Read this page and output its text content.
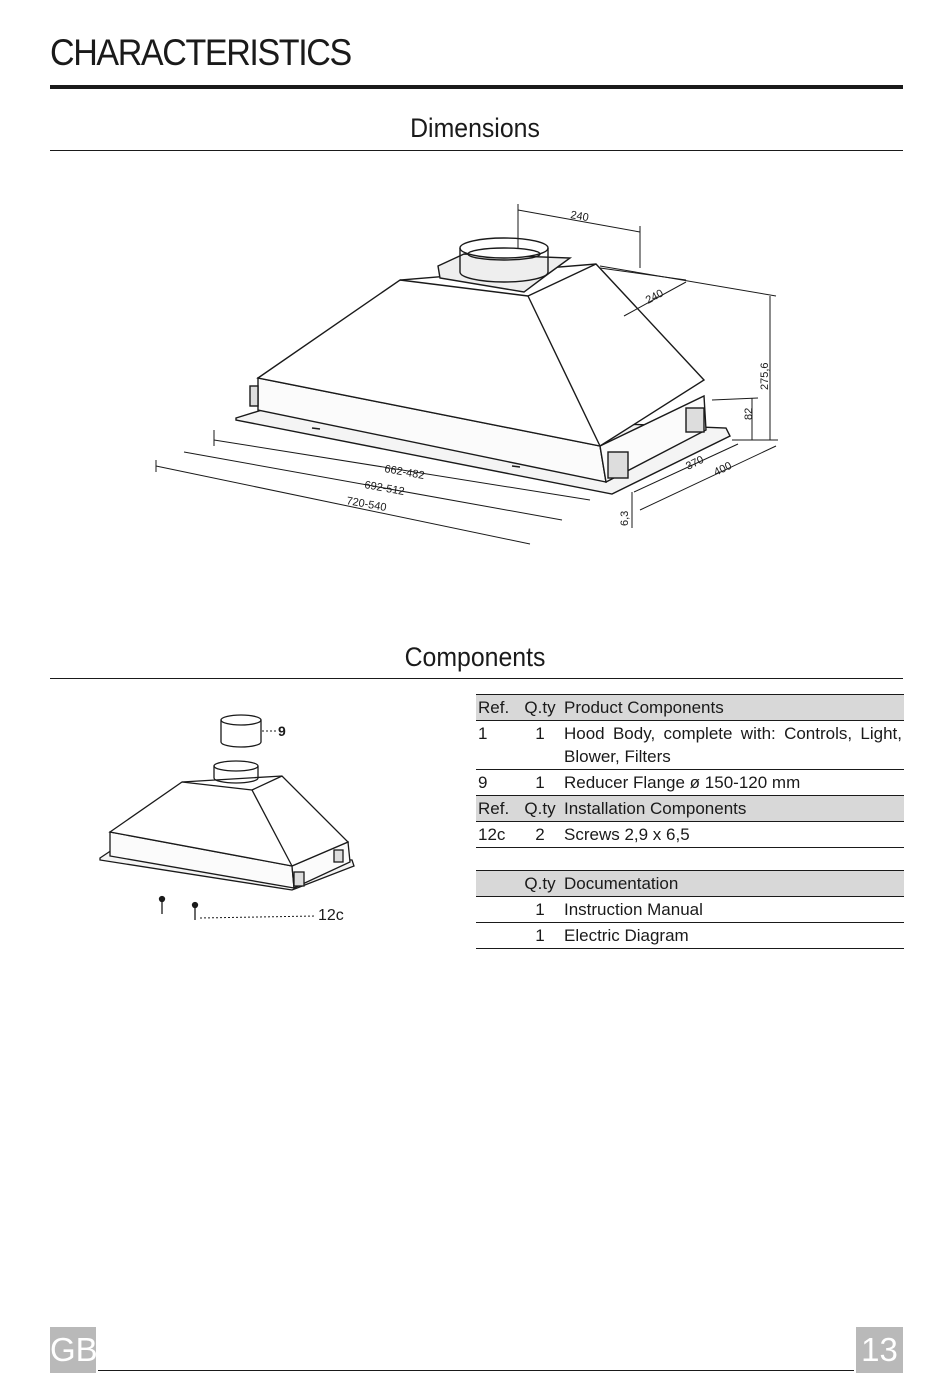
CHARACTERISTICS
Dimensions
240
240
275,6
82
370 400
662-482
692-512
720-540
6,3
Components
9
12c
Ref.	Q.ty	Product Components
1	1	Hood Body, complete with: Controls, Light, Blower, Filters
9	1	Reducer Flange ø 150-120 mm
Ref.	Q.ty	Installation Components
12c	2	Screws 2,9 x 6,5

	Q.ty	Documentation
	1	Instruction Manual
	1	Electric Diagram
GB	13
